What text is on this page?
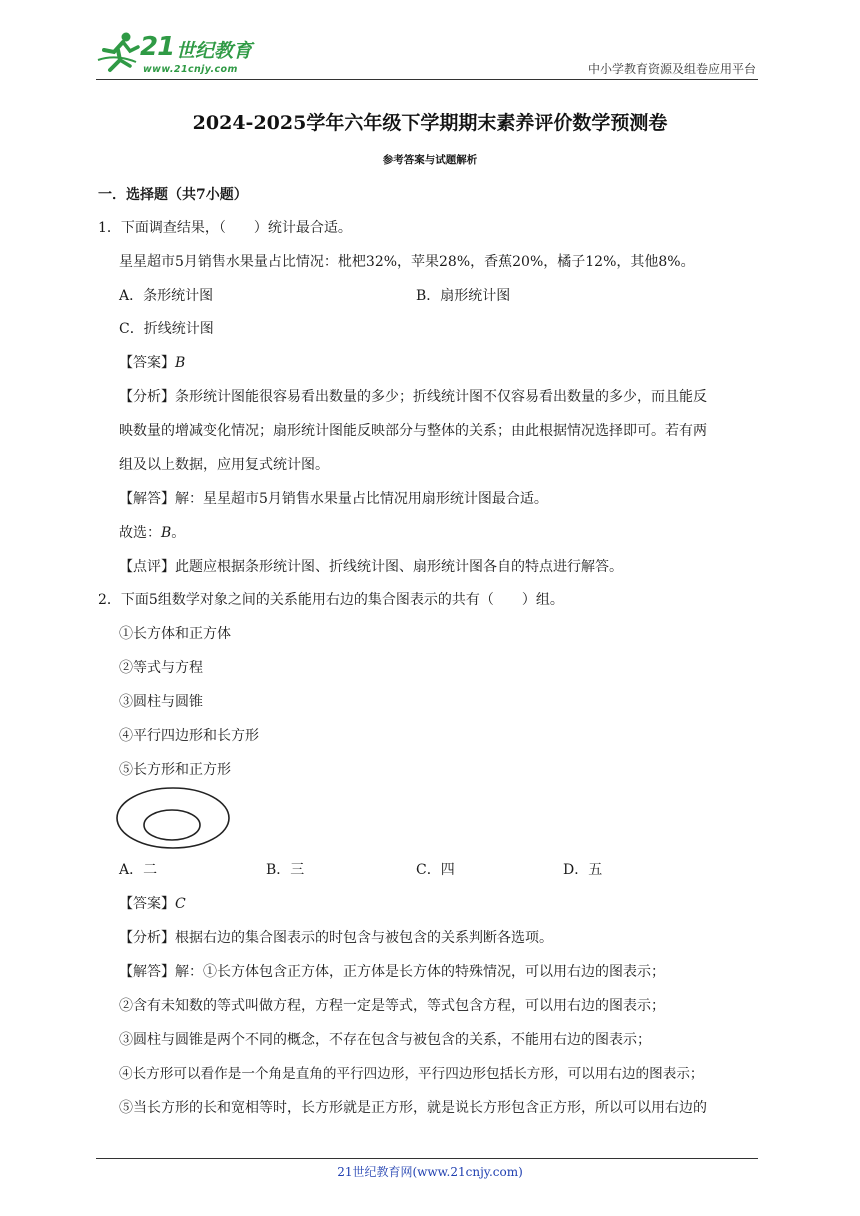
21 世纪教育
www.21cnjy.com	中小学教育资源及组卷应用平台
2024-2025学年六年级下学期期末素养评价数学预测卷
参考答案与试题解析
一．选择题（共7小题）
1．下面调查结果，（　　）统计最合适。
星星超市5月销售水果量占比情况：枇杷32%，苹果28%，香蕉20%，橘子12%，其他8%。
A．条形统计图	B．扇形统计图
C．折线统计图
【答案】B
【分析】条形统计图能很容易看出数量的多少；折线统计图不仅容易看出数量的多少，而且能反
映数量的增减变化情况；扇形统计图能反映部分与整体的关系；由此根据情况选择即可。若有两
组及以上数据，应用复式统计图。
【解答】解：星星超市5月销售水果量占比情况用扇形统计图最合适。
故选：B。
【点评】此题应根据条形统计图、折线统计图、扇形统计图各自的特点进行解答。
2．下面5组数学对象之间的关系能用右边的集合图表示的共有（　　）组。
①长方体和正方体
②等式与方程
③圆柱与圆锥
④平行四边形和长方形
⑤长方形和正方形
A．二	B．三	C．四	D．五
【答案】C
【分析】根据右边的集合图表示的时包含与被包含的关系判断各选项。
【解答】解：①长方体包含正方体，正方体是长方体的特殊情况，可以用右边的图表示；
②含有未知数的等式叫做方程，方程一定是等式，等式包含方程，可以用右边的图表示；
③圆柱与圆锥是两个不同的概念，不存在包含与被包含的关系，不能用右边的图表示；
④长方形可以看作是一个角是直角的平行四边形，平行四边形包括长方形，可以用右边的图表示；
⑤当长方形的长和宽相等时，长方形就是正方形，就是说长方形包含正方形，所以可以用右边的
21世纪教育网(www.21cnjy.com)
